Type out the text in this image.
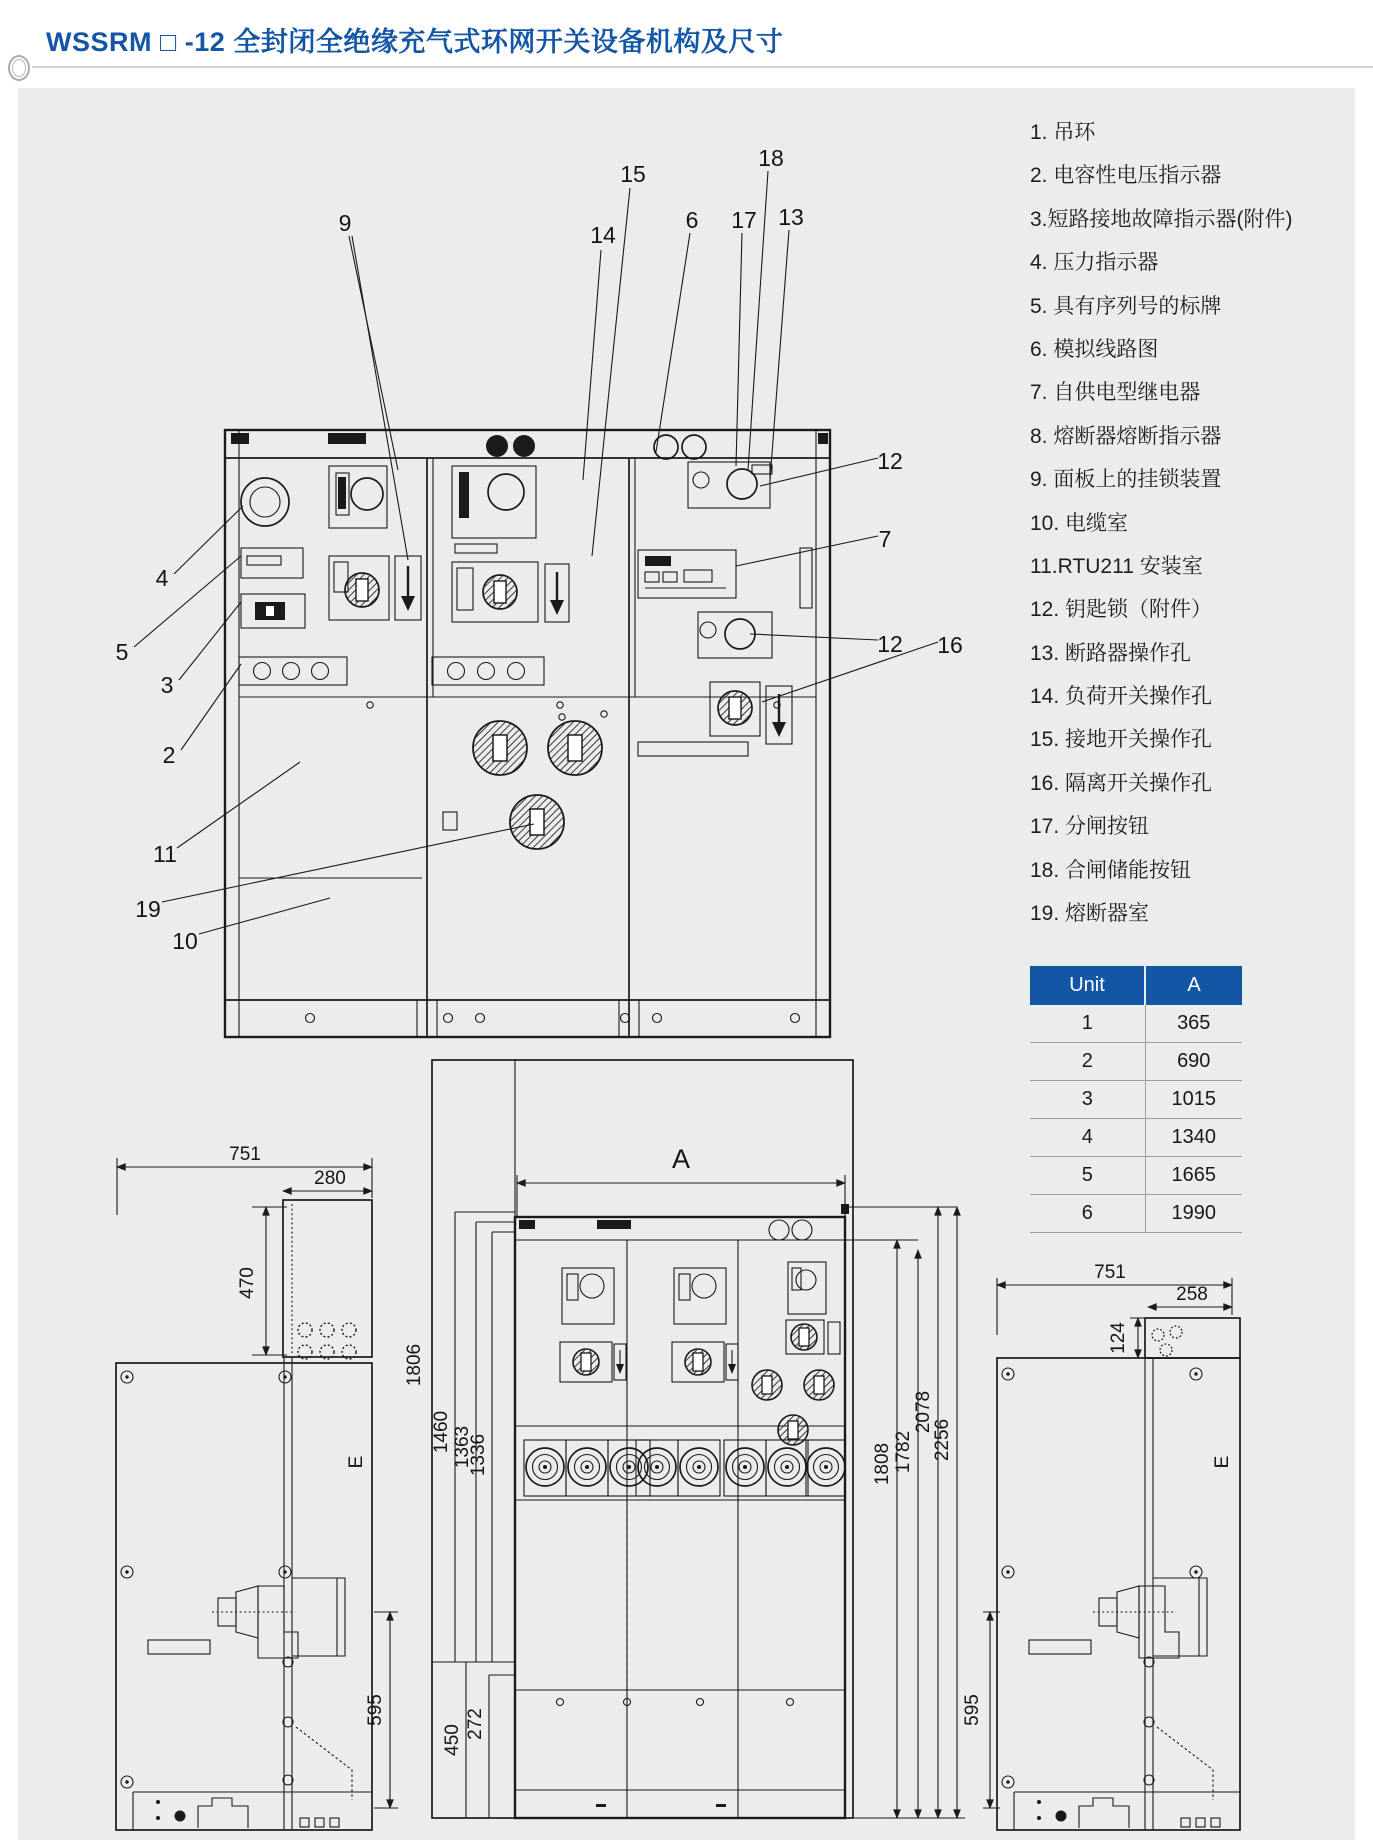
WSSRM □ -12 全封闭全绝缘充气式环网开关设备机构及尺寸
9	14
15
6 17
18
13
4
5
3
2
11
19
10
12
7
12 16
751
280
470
E
595
A
1806
1460 1363
1336
450
272
1808 1782
2078
2256
751
258
124
E
595
1. 吊环
2. 电容性电压指示器
3.短路接地故障指示器(附件)
4. 压力指示器
5. 具有序列号的标牌
6. 模拟线路图
7. 自供电型继电器
8. 熔断器熔断指示器
9. 面板上的挂锁装置
10. 电缆室
11.RTU211 安装室
12. 钥匙锁（附件）
13. 断路器操作孔
14. 负荷开关操作孔
15. 接地开关操作孔
16. 隔离开关操作孔
17. 分闸按钮
18. 合闸储能按钮
19. 熔断器室
Unit	A
1	365
2	690
3	1015
4	1340
5	1665
6	1990
